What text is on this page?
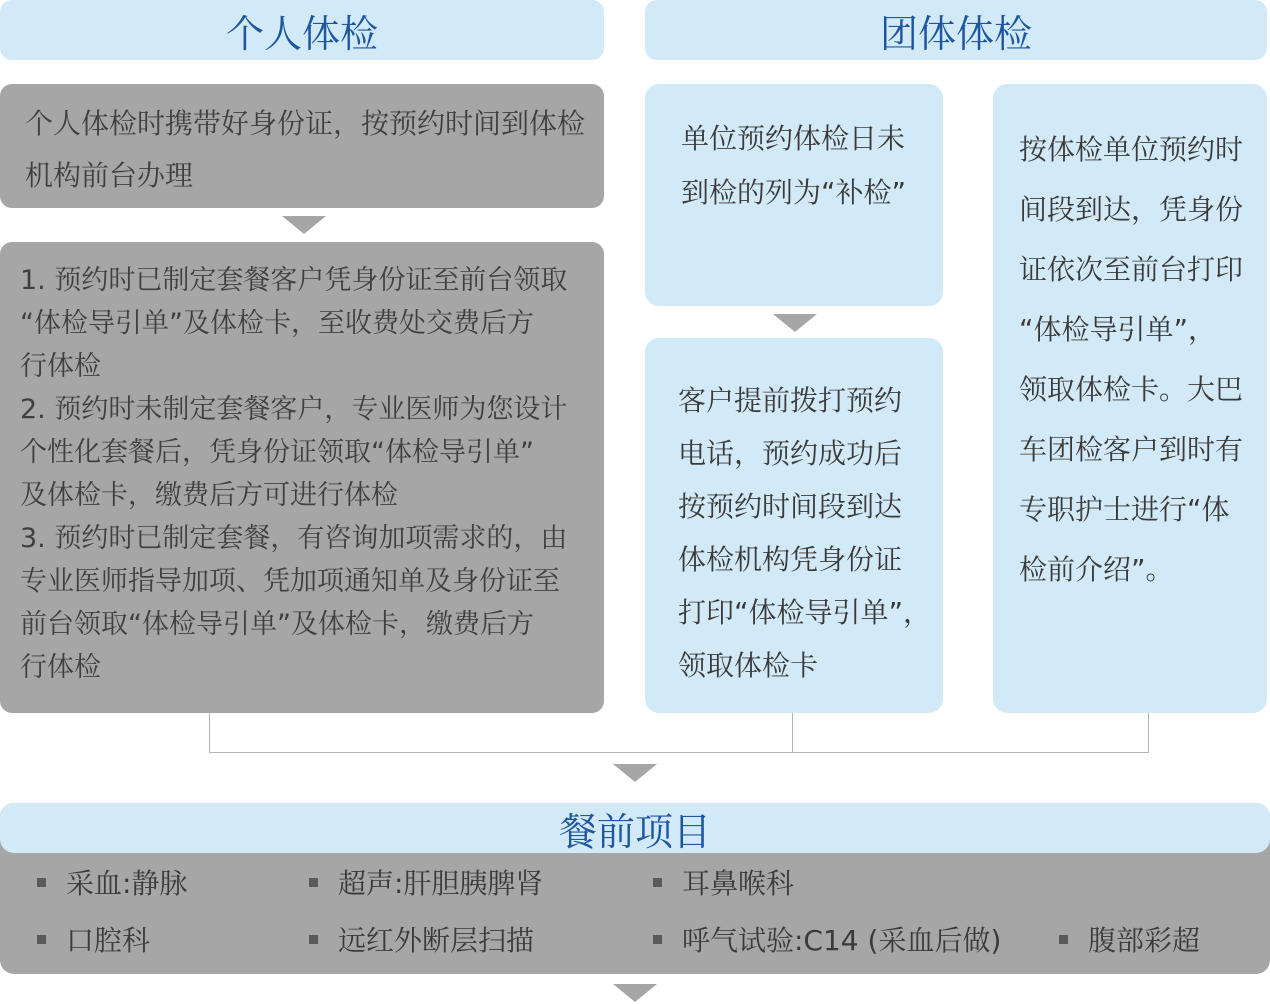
个人体检	团体体检

个人体检时携带好身份证，按预约时间到体检

机构前台办理

1. 预约时已制定套餐客户凭身份证至前台领取

“体检导引单”及体检卡，至收费处交费后方

行体检

2. 预约时未制定套餐客户，专业医师为您设计

个性化套餐后，凭身份证领取“体检导引单”

及体检卡，缴费后方可进行体检

3. 预约时已制定套餐，有咨询加项需求的，由

专业医师指导加项、凭加项通知单及身份证至

前台领取“体检导引单”及体检卡，缴费后方

行体检

单位预约体检日未

到检的列为“补检”

客户提前拨打预约

电话，预约成功后

按预约时间段到达

体检机构凭身份证

打印“体检导引单”，

领取体检卡

按体检单位预约时

间段到达，凭身份

证依次至前台打印

“体检导引单”，

领取体检卡。大巴

车团检客户到时有

专职护士进行“体

检前介绍”。

餐前项目
采血:静脉	超声:肝胆胰脾肾	耳鼻喉科
口腔科	远红外断层扫描	呼气试验:C14 (采血后做)	腹部彩超
